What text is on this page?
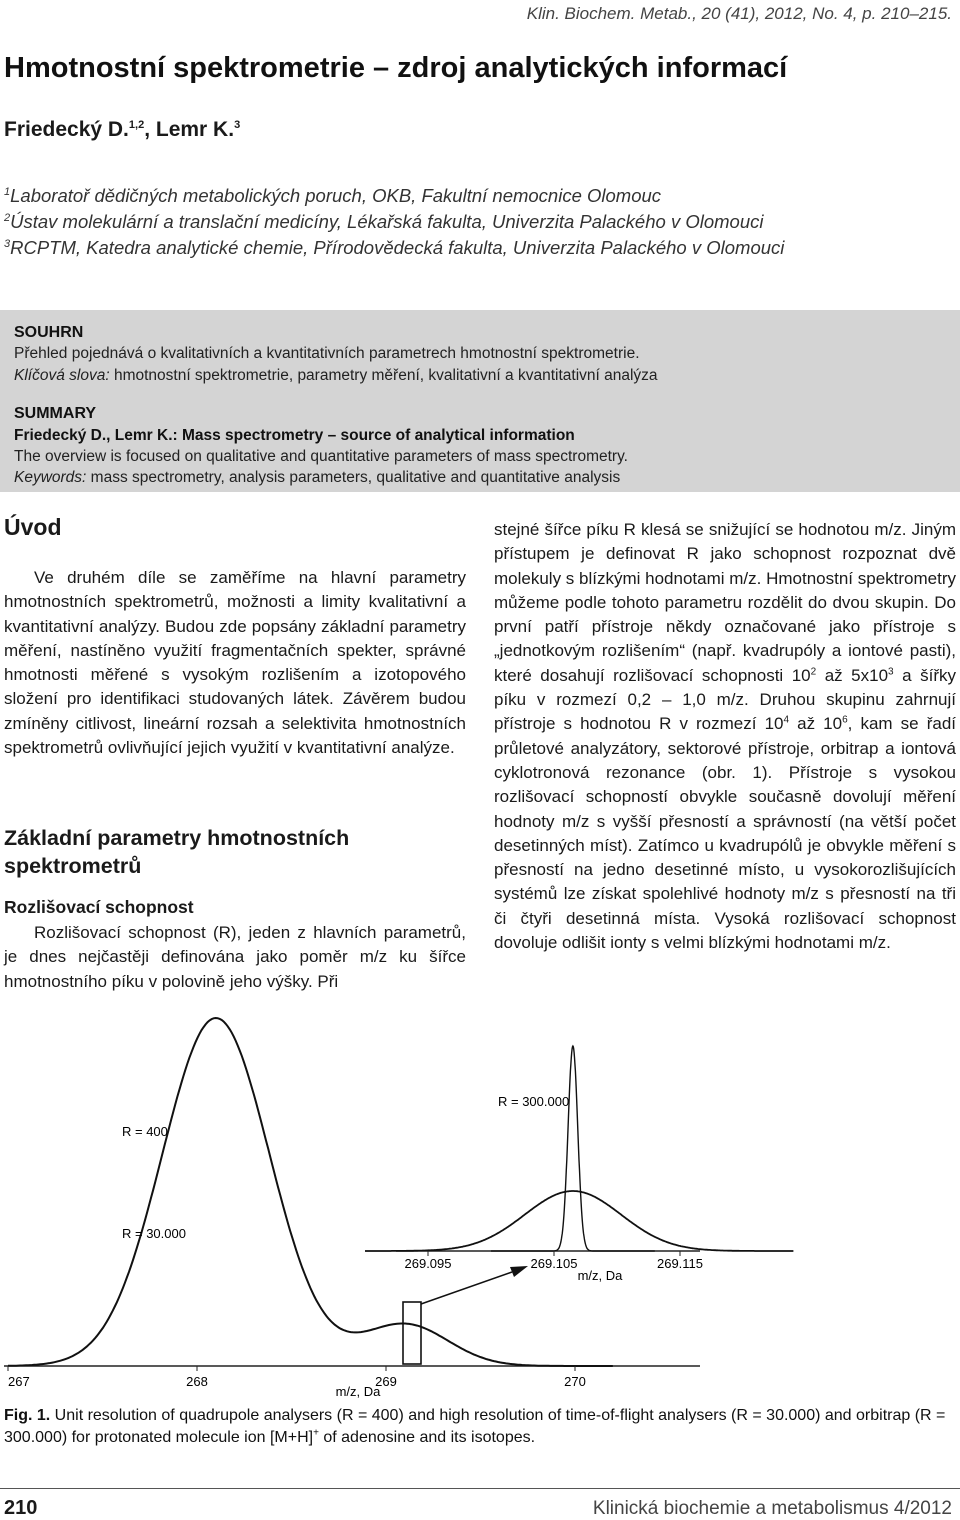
Klin. Biochem. Metab., 20 (41), 2012, No. 4, p. 210–215.
Hmotnostní spektrometrie – zdroj analytických informací
Friedecký D.$^{1,2}$, Lemr K.$^3$
$^1$Laboratoř dědičných metabolických poruch, OKB, Fakultní nemocnice Olomouc
$^2$Ústav molekulární a translační medicíny, Lékařská fakulta, Univerzita Palackého v Olomouci
$^3$RCPTM, Katedra analytické chemie, Přírodovědecká fakulta, Univerzita Palackého v Olomouci
SOUHRN
Přehled pojednává o kvalitativních a kvantitativních parametrech hmotnostní spektrometrie.
Klíčová slova: hmotnostní spektrometrie, parametry měření, kvalitativní a kvantitativní analýza
SUMMARY
Friedecký D., Lemr K.: Mass spectrometry – source of analytical information
The overview is focused on qualitative and quantitative parameters of mass spectrometry.
Keywords: mass spectrometry, analysis parameters, qualitative and quantitative analysis
Úvod

Ve druhém díle se zaměříme na hlavní parametry hmotnostních spektrometrů, možnosti a limity kvalitativní a kvantitativní analýzy. Budou zde popsány základní parametry měření, nastíněno využití fragmentačních spekter, správné hmotnosti měřené s vysokým rozlišením a izotopového složení pro identifikaci studovaných látek. Závěrem budou zmíněny citlivost, lineární rozsah a selektivita hmotnostních spektrometrů ovlivňující jejich využití v kvantitativní analýze.

Základní parametry hmotnostních spektrometrů
Rozlišovací schopnost

Rozlišovací schopnost (R), jeden z hlavních parametrů, je dnes nejčastěji definována jako poměr m/z ku šířce hmotnostního píku v polovině jeho výšky. Při

stejné šířce píku R klesá se snižující se hodnotou m/z. Jiným přístupem je definovat R jako schopnost rozpoznat dvě molekuly s blízkými hodnotami m/z. Hmotnostní spektrometry můžeme podle tohoto parametru rozdělit do dvou skupin. Do první patří přístroje někdy označované jako přístroje s „jednotkovým rozlišením“ (např. kvadrupóly a iontové pasti), které dosahují rozlišovací schopnosti $10^2$ až $5x10^3$ a šířky píku v rozmezí 0,2 – 1,0 m/z. Druhou skupinu zahrnují přístroje s hodnotou R v rozmezí $10^4$ až $10^6$, kam se řadí průletové analyzátory, sektorové přístroje, orbitrap a iontová cyklotronová rezonance (obr. 1). Přístroje s vysokou rozlišovací schopností obvykle současně dovolují měření hodnoty m/z s vyšší přesností a správností (na větší počet desetinných míst). Zatímco u kvadrupólů je obvykle měření s přesností na jedno desetinné místo, u vysokorozlišujících systémů lze získat spolehlivé hodnoty m/z s přesností na tři či čtyři desetinná místa. Vysoká rozlišovací schopnost dovoluje odlišit ionty s velmi blízkými hodnotami m/z.

267	268	269	270
m/z, Da
R = 400
R = 30.000
R = 300.000
269.095	269.105	269.115
m/z, Da
Fig. 1. Unit resolution of quadrupole analysers (R = 400) and high resolution of time-of-flight analysers (R = 30.000) and orbitrap (R = 300.000) for protonated molecule ion [M+H]+ of adenosine and its isotopes.
210	Klinická biochemie a metabolismus 4/2012
